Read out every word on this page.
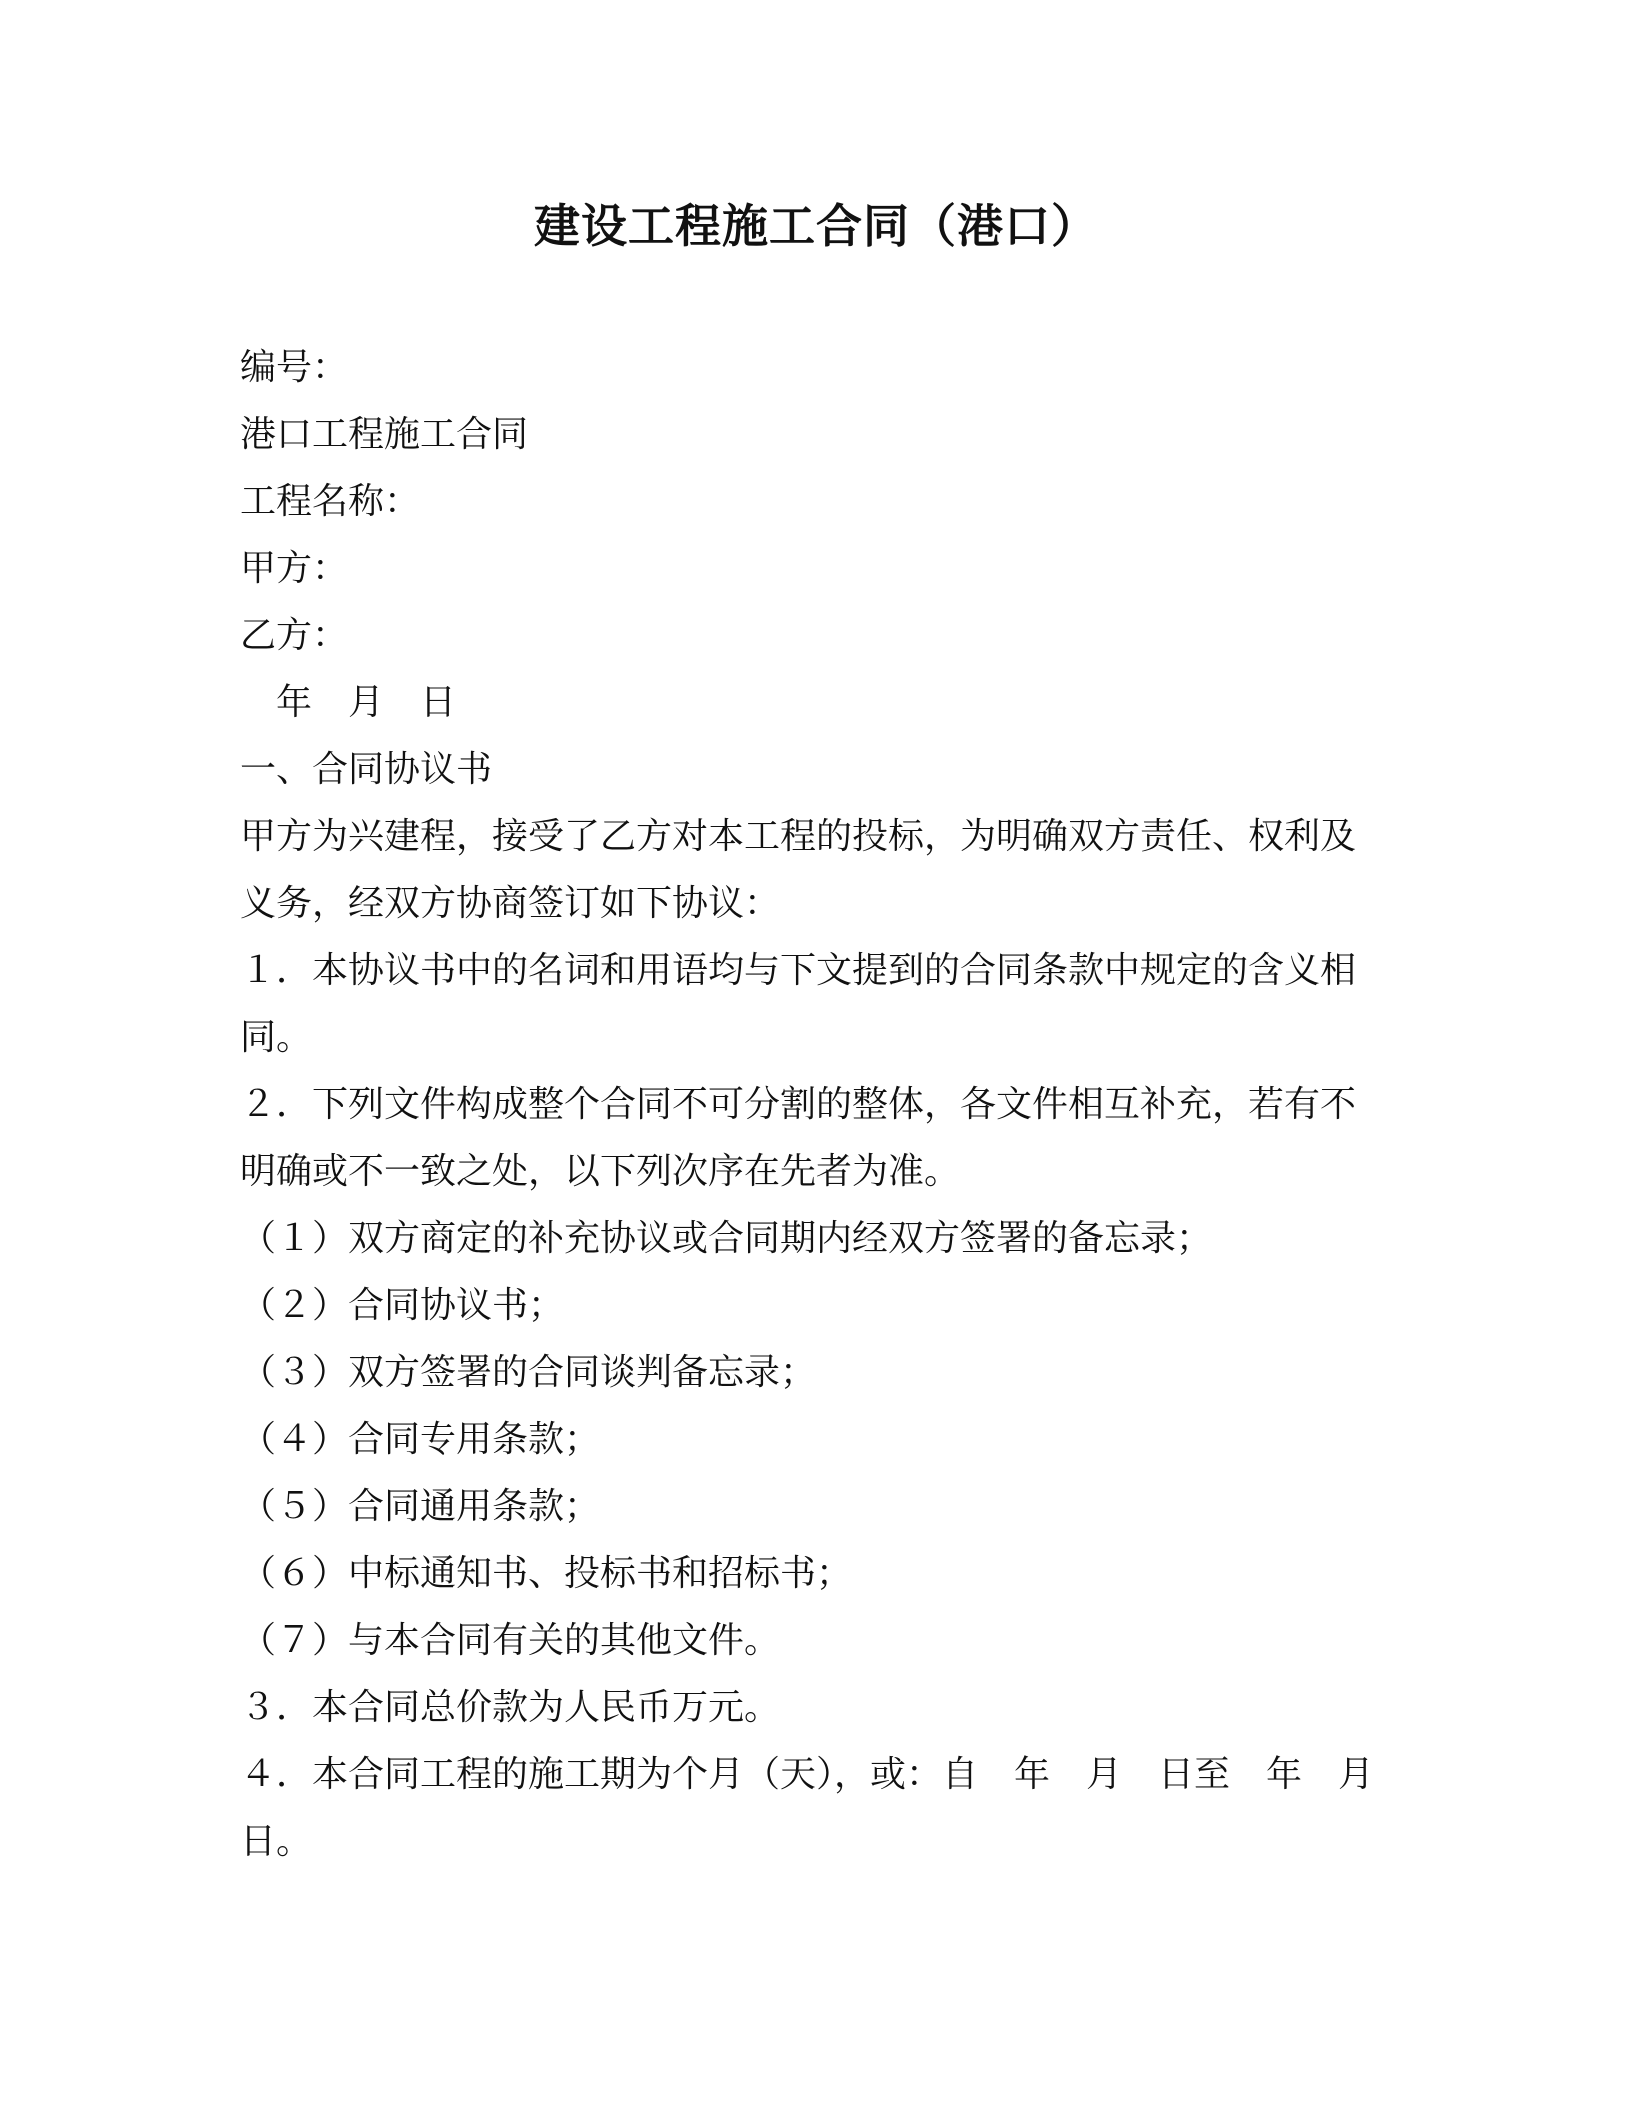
建设工程施工合同（港口）
编号：
港口工程施工合同
工程名称：
甲方：
乙方：
年　月　日
一、合同协议书
甲方为兴建程，接受了乙方对本工程的投标，为明确双方责任、权利及义务，经双方协商签订如下协议：
１．本协议书中的名词和用语均与下文提到的合同条款中规定的含义相同。
２．下列文件构成整个合同不可分割的整体，各文件相互补充，若有不明确或不一致之处，以下列次序在先者为准。
（１）双方商定的补充协议或合同期内经双方签署的备忘录；
（２）合同协议书；
（３）双方签署的合同谈判备忘录；
（４）合同专用条款；
（５）合同通用条款；
（６）中标通知书、投标书和招标书；
（７）与本合同有关的其他文件。
３．本合同总价款为人民币万元。
４．本合同工程的施工期为个月（天），或：自　年　月　日至　年　月日。
